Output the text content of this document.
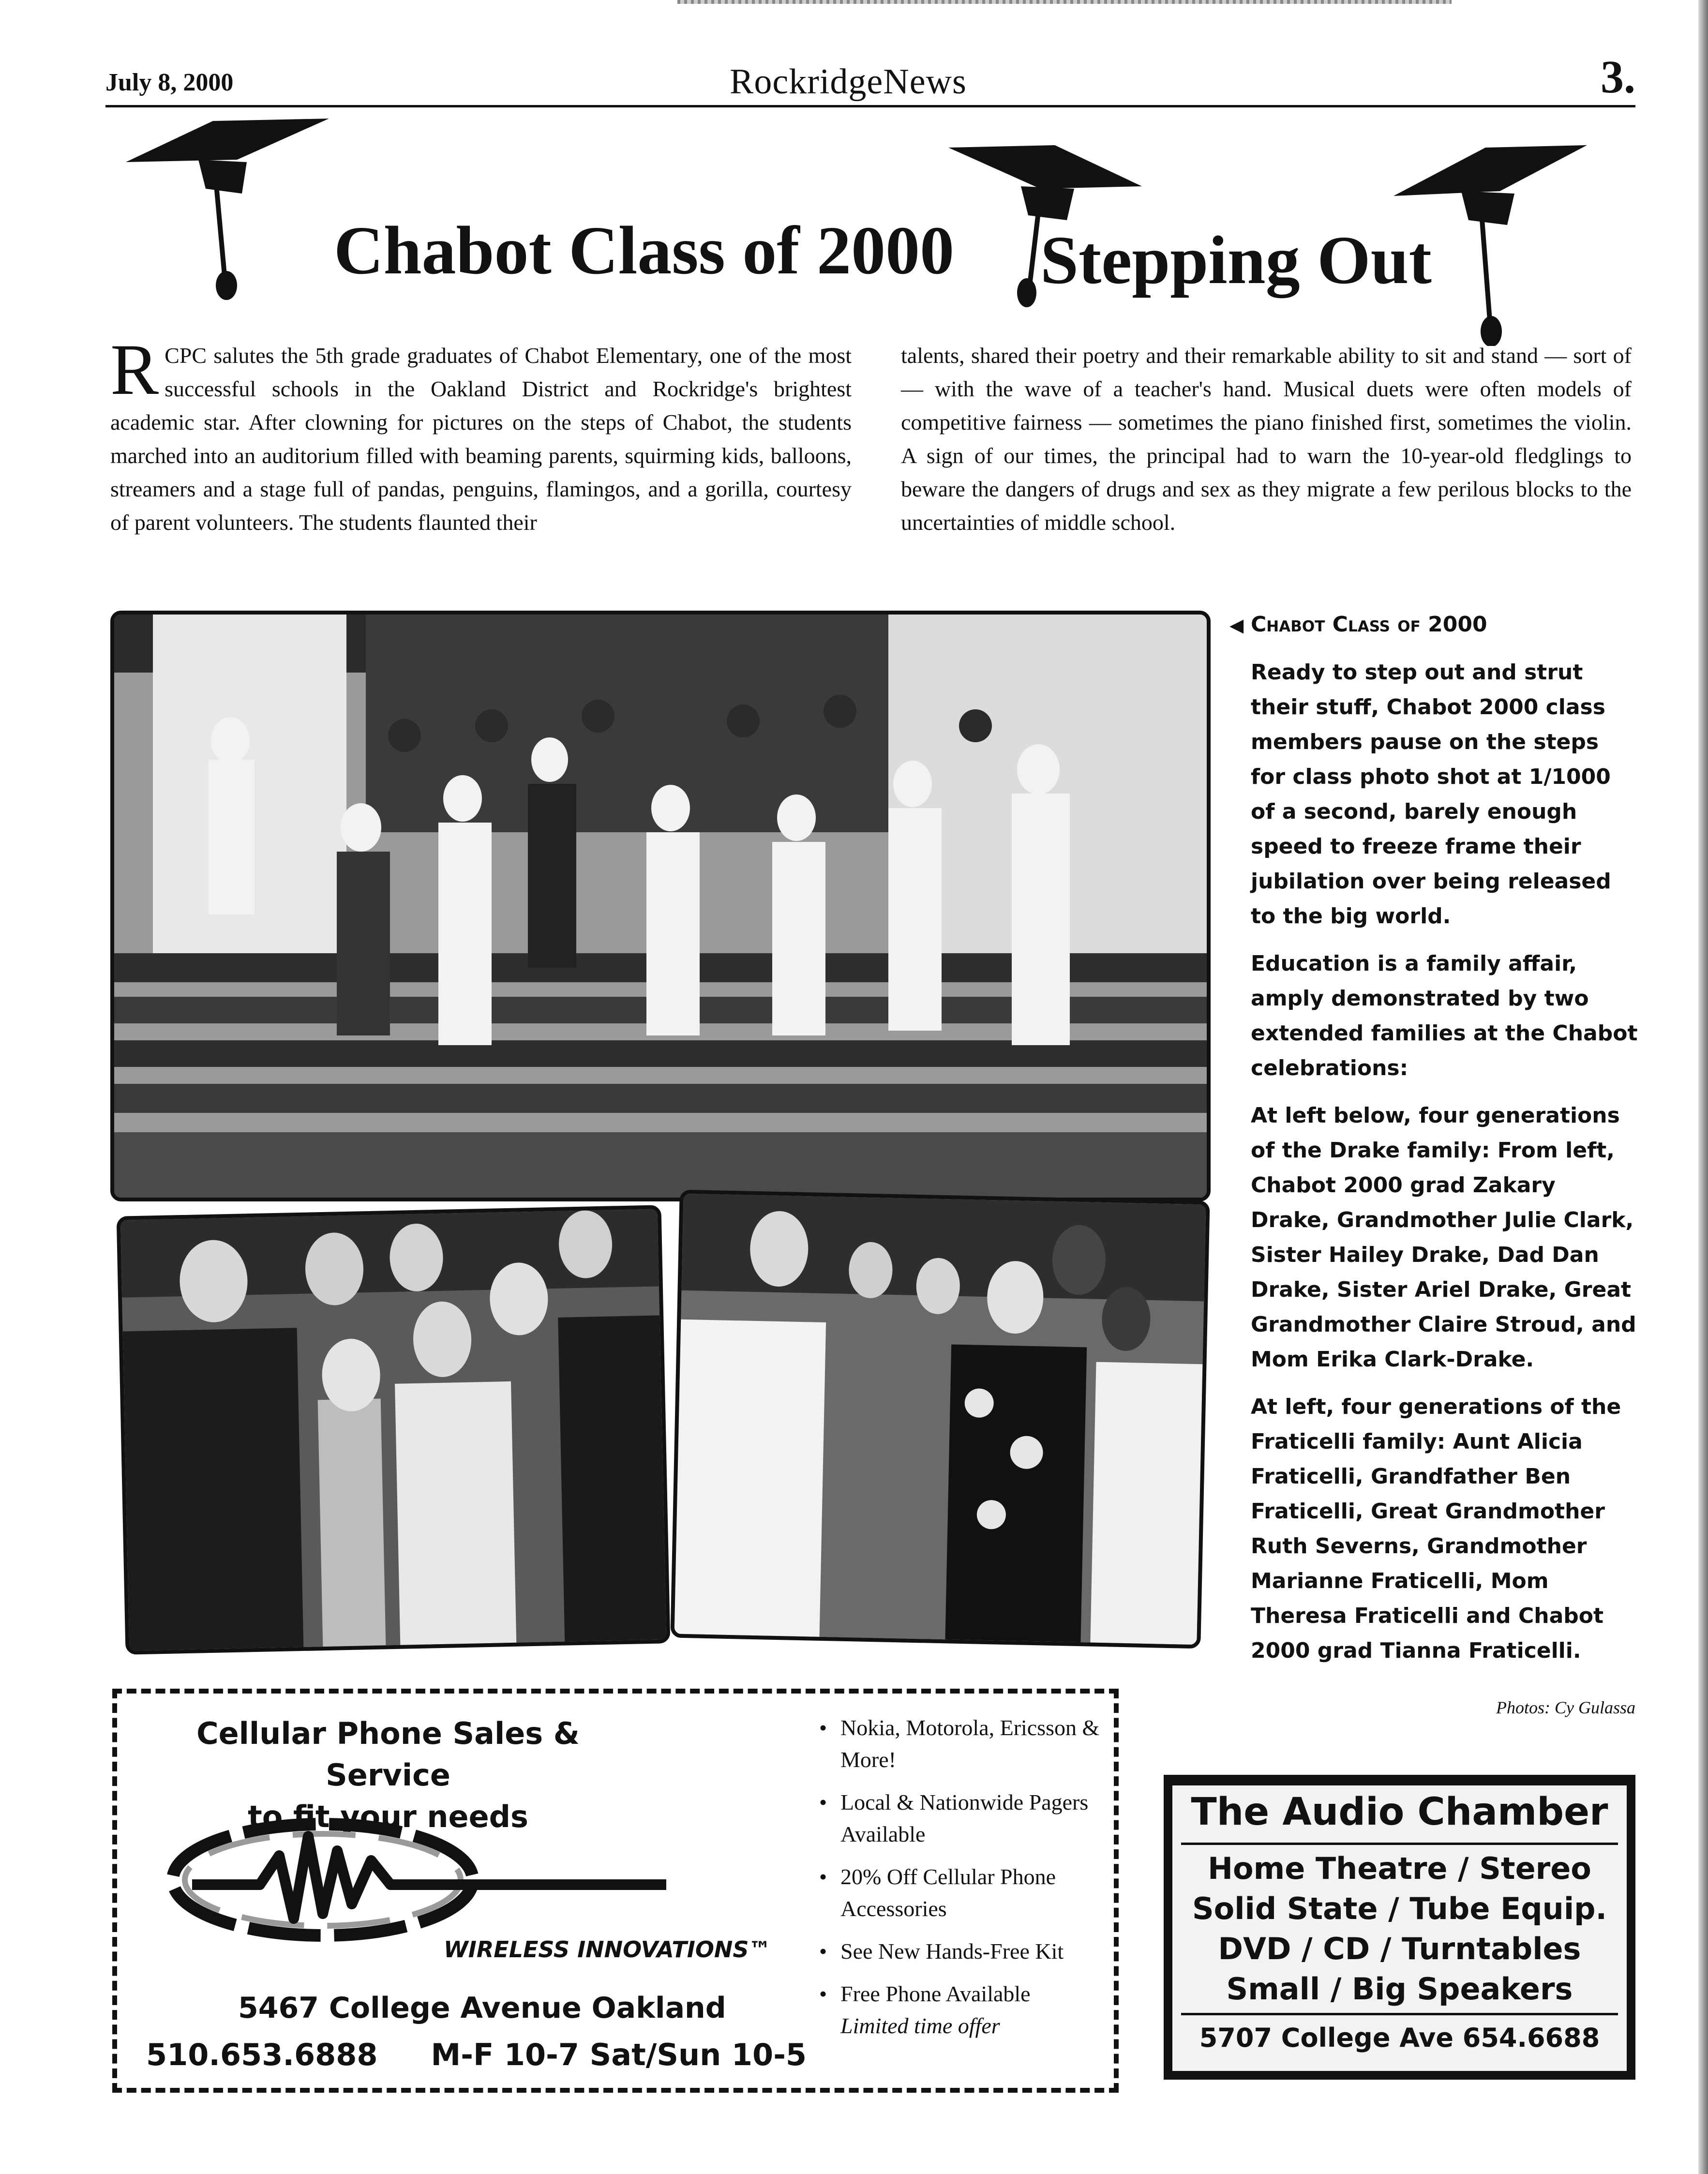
July 8, 2000	RockridgeNews	3.
Chabot Class of 2000 Stepping Out
R CPC salutes the 5th grade graduates of Chabot Elementary, one of the most successful schools in the Oakland District and Rockridge's brightest academic star. After clowning for pictures on the steps of Chabot, the students marched into an auditorium filled with beaming parents, squirming kids, balloons, streamers and a stage full of pandas, penguins, flamingos, and a gorilla, courtesy of parent volunteers. The students flaunted their
talents, shared their poetry and their remarkable ability to sit and stand — sort of — with the wave of a teacher's hand. Musical duets were often models of competitive fairness — sometimes the piano finished first, sometimes the violin. A sign of our times, the principal had to warn the 10-year-old fledglings to beware the dangers of drugs and sex as they migrate a few perilous blocks to the uncertainties of middle school.

◀ Chabot Class of 2000

Ready to step out and strut their stuff, Chabot 2000 class members pause on the steps for class photo shot at 1/1000 of a second, barely enough speed to freeze frame their jubilation over being released to the big world.

Education is a family affair, amply demonstrated by two extended families at the Chabot celebrations:

At left below, four generations of the Drake family: From left, Chabot 2000 grad Zakary Drake, Grandmother Julie Clark, Sister Hailey Drake, Dad Dan Drake, Sister Ariel Drake, Great Grandmother Claire Stroud, and Mom Erika Clark-Drake.

At left, four generations of the Fraticelli family: Aunt Alicia Fraticelli, Grandfather Ben Fraticelli, Great Grandmother Ruth Severns, Grandmother Marianne Fraticelli, Mom Theresa Fraticelli and Chabot 2000 grad Tianna Fraticelli.

Photos: Cy Gulassa
Cellular Phone Sales & Service
to fit your needs
WIRELESS INNOVATIONS™
5467 College Avenue Oakland
510.653.6888 M-F 10-7 Sat/Sun 10-5
• Nokia, Motorola, Ericsson & More!
• Local & Nationwide Pagers Available
• 20% Off Cellular Phone Accessories
• See New Hands-Free Kit
• Free Phone Available
Limited time offer
The Audio Chamber
Home Theatre / Stereo
Solid State / Tube Equip.
DVD / CD / Turntables
Small / Big Speakers
5707 College Ave 654.6688
